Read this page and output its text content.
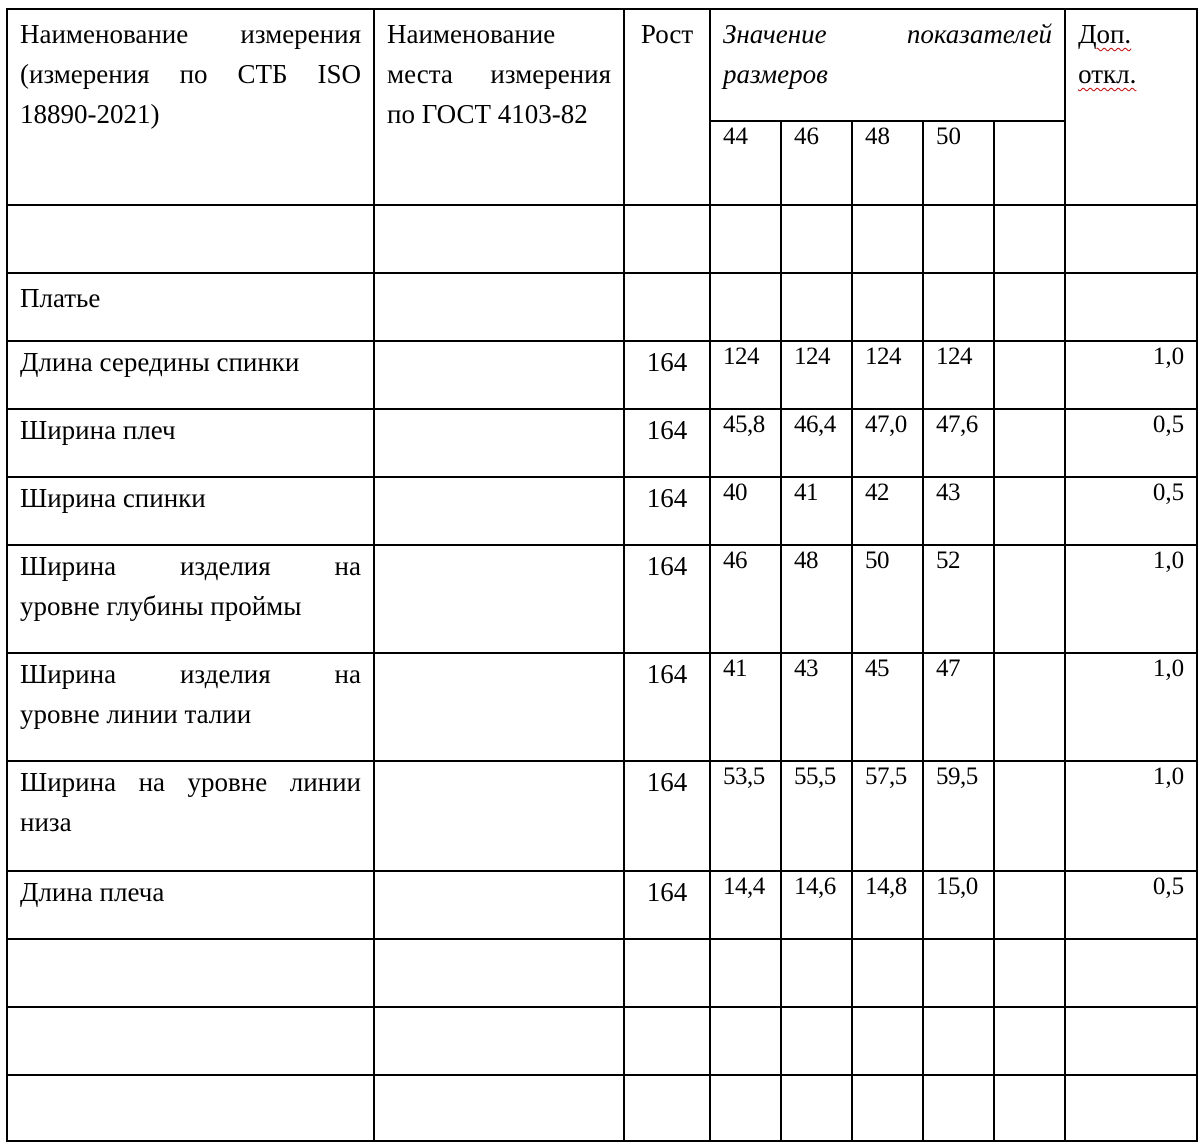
Наименование измерения (измерения по СТБ ISO 18890-2021)	Наименование места измерения по ГОСТ 4103-82	Рост	Значение показателей размеров					Доп.
откл.
			44	46	48	50		

Платье								
Длина середины спинки		164	124	124	124	124		1,0
Ширина плеч		164	45,8	46,4	47,0	47,6		0,5
Ширина спинки		164	40	41	42	43		0,5

Ширина изделия на
уровне глубины проймы		164	46	48	50	52		1,0

Ширина изделия на
уровне линии талии		164	41	43	45	47		1,0

Ширина на уровне линии
низа		164	53,5	55,5	57,5	59,5		1,0
Длина плеча		164	14,4	14,6	14,8	15,0		0,5
